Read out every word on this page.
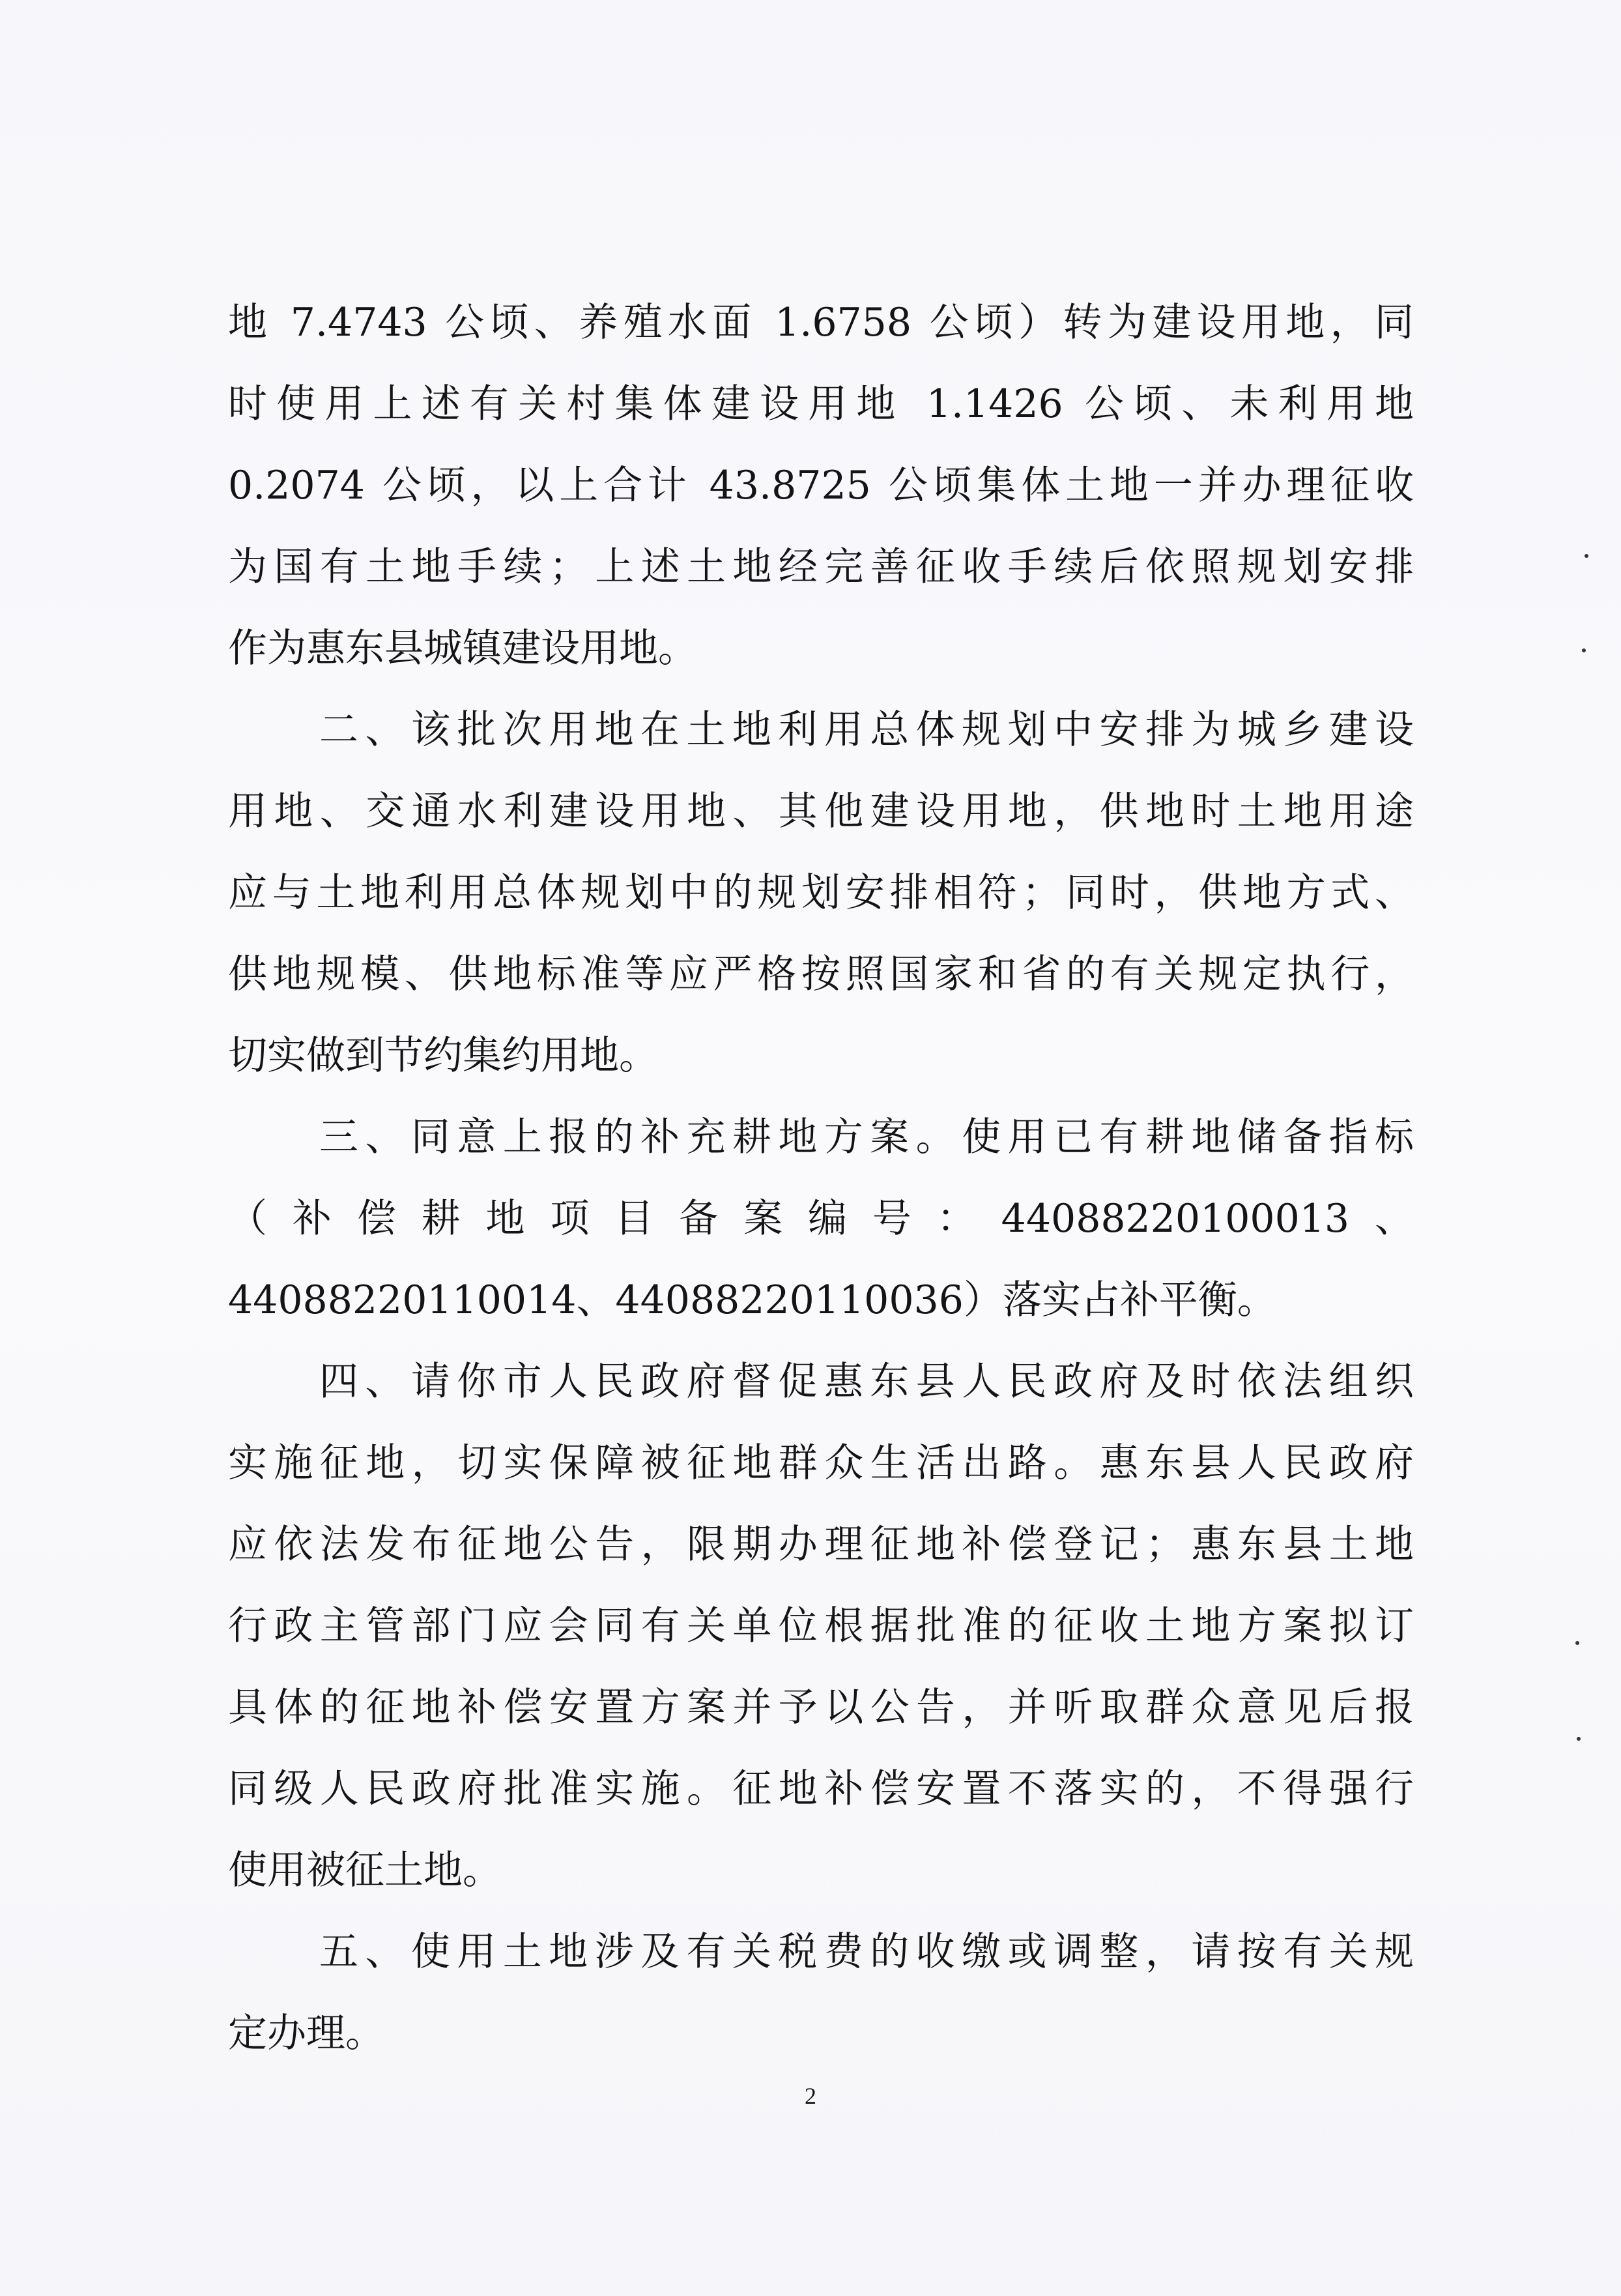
地 7.4743 公顷、养殖水面 1.6758 公顷）转为建设用地，同
时使用上述有关村集体建设用地 1.1426 公顷、未利用地
0.2074 公顷，以上合计 43.8725 公顷集体土地一并办理征收
为国有土地手续；上述土地经完善征收手续后依照规划安排
作为惠东县城镇建设用地。
二、该批次用地在土地利用总体规划中安排为城乡建设
用地、交通水利建设用地、其他建设用地，供地时土地用途
应与土地利用总体规划中的规划安排相符；同时，供地方式、
供地规模、供地标准等应严格按照国家和省的有关规定执行，
切实做到节约集约用地。
三、同意上报的补充耕地方案。使用已有耕地储备指标
（补偿耕地项目备案编号：44088220100013、
44088220110014、44088220110036）落实占补平衡。
四、请你市人民政府督促惠东县人民政府及时依法组织
实施征地，切实保障被征地群众生活出路。惠东县人民政府
应依法发布征地公告，限期办理征地补偿登记；惠东县土地
行政主管部门应会同有关单位根据批准的征收土地方案拟订
具体的征地补偿安置方案并予以公告，并听取群众意见后报
同级人民政府批准实施。征地补偿安置不落实的，不得强行
使用被征土地。
五、使用土地涉及有关税费的收缴或调整，请按有关规
定办理。
2
